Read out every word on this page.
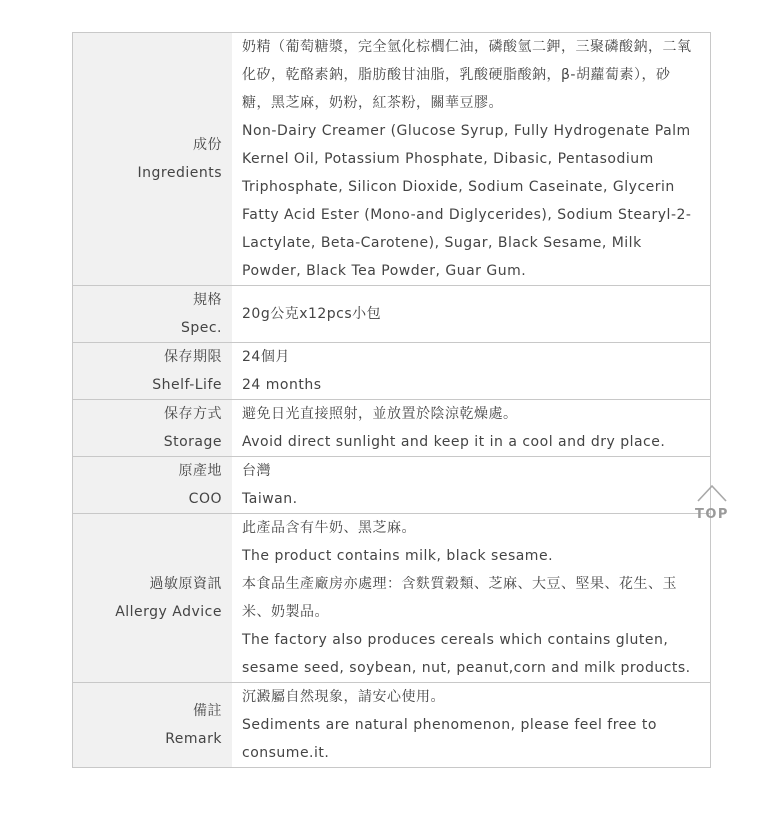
成份
Ingredients	奶精（葡萄糖漿，完全氫化棕櫚仁油，磷酸氫二鉀，三聚磷酸鈉，二氧化矽，乾酪素鈉，脂肪酸甘油脂，乳酸硬脂酸鈉，β-胡蘿蔔素），砂糖，黑芝麻，奶粉，紅茶粉，關華豆膠。
Non-Dairy Creamer (Glucose Syrup, Fully Hydrogenate Palm Kernel Oil, Potassium Phosphate, Dibasic, Pentasodium Triphosphate, Silicon Dioxide, Sodium Caseinate, Glycerin Fatty Acid Ester (Mono-and Diglycerides), Sodium Stearyl-2-Lactylate, Beta-Carotene), Sugar, Black Sesame, Milk Powder, Black Tea Powder, Guar Gum.

規格
Spec.	20g公克x12pcs小包

保存期限
Shelf-Life	24個月
24 months

保存方式
Storage	避免日光直接照射，並放置於陰涼乾燥處。
Avoid direct sunlight and keep it in a cool and dry place.

原產地
COO	台灣
Taiwan.

過敏原資訊
Allergy Advice	此產品含有牛奶、黑芝麻。
The product contains milk, black sesame.
本食品生產廠房亦處理：含麩質穀類、芝麻、大豆、堅果、花生、玉米、奶製品。
The factory also produces cereals which contains gluten, sesame seed, soybean, nut, peanut,corn and milk products.

備註
Remark	沉澱屬自然現象，請安心使用。
Sediments are natural phenomenon, please feel free to consume.it.
TOP
